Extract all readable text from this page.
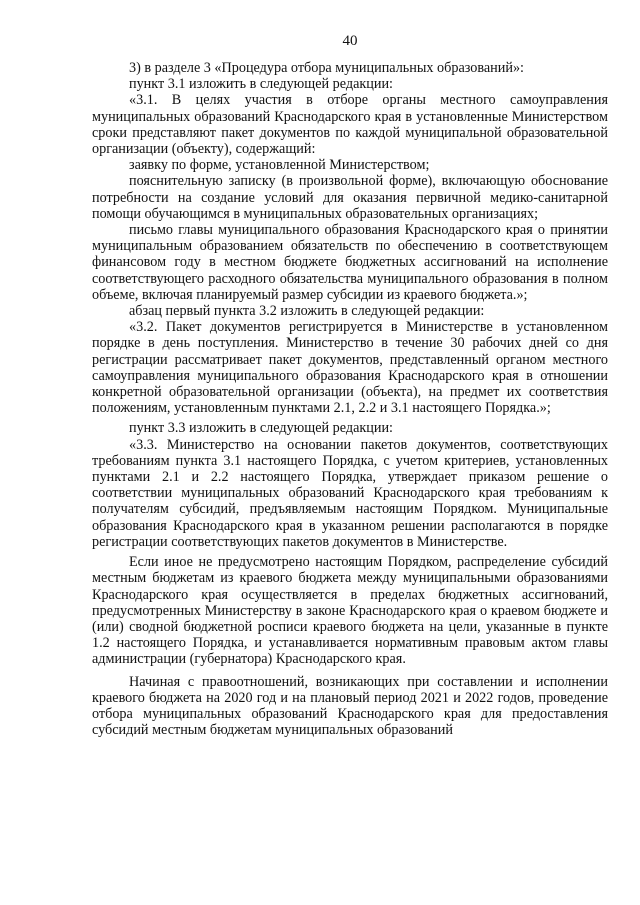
40

3) в разделе 3 «Процедура отбора муниципальных образований»:

пункт 3.1 изложить в следующей редакции:

«3.1. В целях участия в отборе органы местного самоуправления муниципальных образований Краснодарского края в установленные Министерством сроки представляют пакет документов по каждой муниципальной образовательной организации (объекту), содержащий:

заявку по форме, установленной Министерством;

пояснительную записку (в произвольной форме), включающую обоснование потребности на создание условий для оказания первичной медико-санитарной помощи обучающимся в муниципальных образовательных организациях;

письмо главы муниципального образования Краснодарского края о принятии муниципальным образованием обязательств по обеспечению в соответствующем финансовом году в местном бюджете бюджетных ассигнований на исполнение соответствующего расходного обязательства муниципального образования в полном объеме, включая планируемый размер субсидии из краевого бюджета.»;

абзац первый пункта 3.2 изложить в следующей редакции:

«3.2. Пакет документов регистрируется в Министерстве в установленном порядке в день поступления. Министерство в течение 30 рабочих дней со дня регистрации рассматривает пакет документов, представленный органом местного самоуправления муниципального образования Краснодарского края в отношении конкретной образовательной организации (объекта), на предмет их соответствия положениям, установленным пунктами 2.1, 2.2 и 3.1 настоящего Порядка.»;

пункт 3.3 изложить в следующей редакции:

«3.3. Министерство на основании пакетов документов, соответствующих требованиям пункта 3.1 настоящего Порядка, с учетом критериев, установленных пунктами 2.1 и 2.2 настоящего Порядка, утверждает приказом решение о соответствии муниципальных образований Краснодарского края требованиям к получателям субсидий, предъявляемым настоящим Порядком. Муниципальные образования Краснодарского края в указанном решении располагаются в порядке регистрации соответствующих пакетов документов в Министерстве.

Если иное не предусмотрено настоящим Порядком, распределение субсидий местным бюджетам из краевого бюджета между муниципальными образованиями Краснодарского края осуществляется в пределах бюджетных ассигнований, предусмотренных Министерству в законе Краснодарского края о краевом бюджете и (или) сводной бюджетной росписи краевого бюджета на цели, указанные в пункте 1.2 настоящего Порядка, и устанавливается нормативным правовым актом главы администрации (губернатора) Краснодарского края.

Начиная с правоотношений, возникающих при составлении и исполнении краевого бюджета на 2020 год и на плановый период 2021 и 2022 годов, проведение отбора муниципальных образований Краснодарского края для предоставления субсидий местным бюджетам муниципальных образований
